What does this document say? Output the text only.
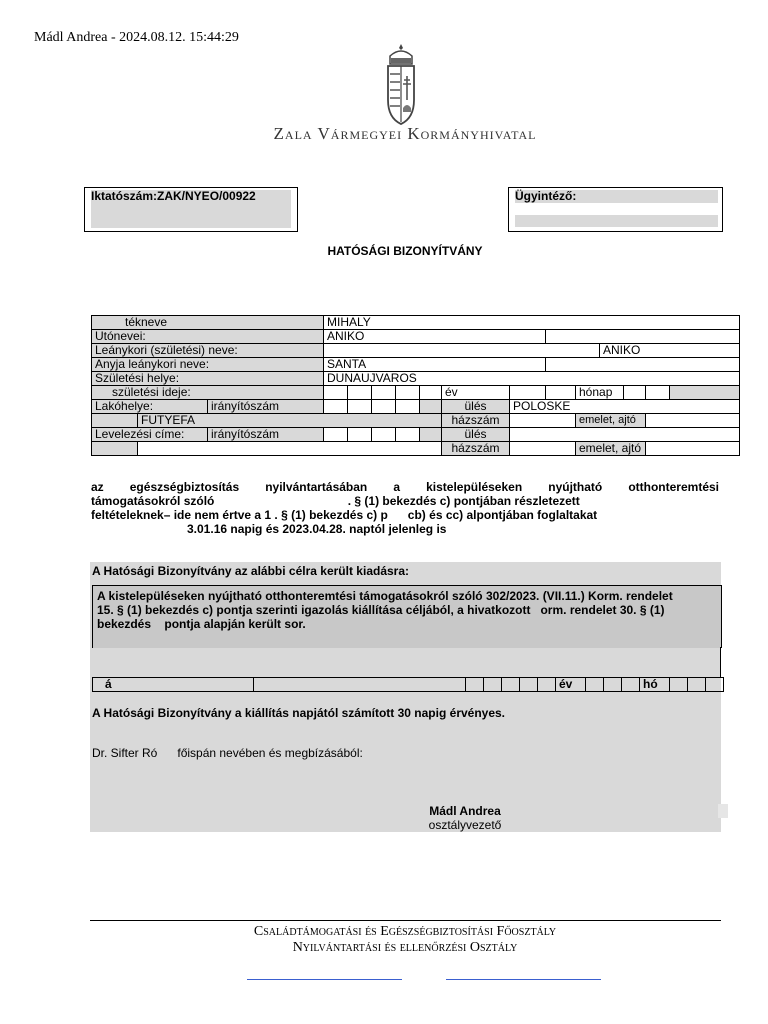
Mádl Andrea - 2024.08.12. 15:44:29
Zala Vármegyei Kormányhivatal
Iktatószám:ZAK/NYEO/00922	Ügyintéző:
HATÓSÁGI BIZONYÍTVÁNY
tékneve			MIHALY												
Utónevei:			ANIKO												
Leánykori (születési) neve:												ANIKO			
Anyja leánykori neve:			SANTA												
Születési helye:			DUNAUJVAROS												
születési ideje:								év			hónap				
Lakóhelye:		irányítószám						ülés	POLOSKE						
	FUTYEFA							házszám			emelet, ajtó				
Levelezési címe:		irányítószám						ülés							
								házszám			emelet, ajtó				
az egészségbiztosítás nyilvántartásában a kistelepüléseken nyújtható otthonteremtési
támogatásokról szóló                                        . § (1) bekezdés c) pontjában részletezett
feltételeknek– ide nem értve a 1 . § (1) bekezdés c) p      cb) és cc) alpontjában foglaltakat
3.01.16 napig és 2023.04.28. naptól jelenleg is
A Hatósági Bizonyítvány az alábbi célra került kiadásra:
A kistelepüléseken nyújtható otthonteremtési támogatásokról szóló 302/2023. (VII.11.) Korm. rendelet
15. § (1) bekezdés c) pontja szerinti igazolás kiállítása céljából, a hivatkozott   orm. rendelet 30. § (1)
bekezdés    pontja alapján került sor.
á							év				hó			
A Hatósági Bizonyítvány a kiállítás napjától számított 30 napig érvényes.
Dr. Sifter Ró      főispán nevében és megbízásából:
Mádl Andrea
osztályvezető
Családtámogatási és Egészségbiztosítási Főosztály
Nyilvántartási és ellenőrzési Osztály
